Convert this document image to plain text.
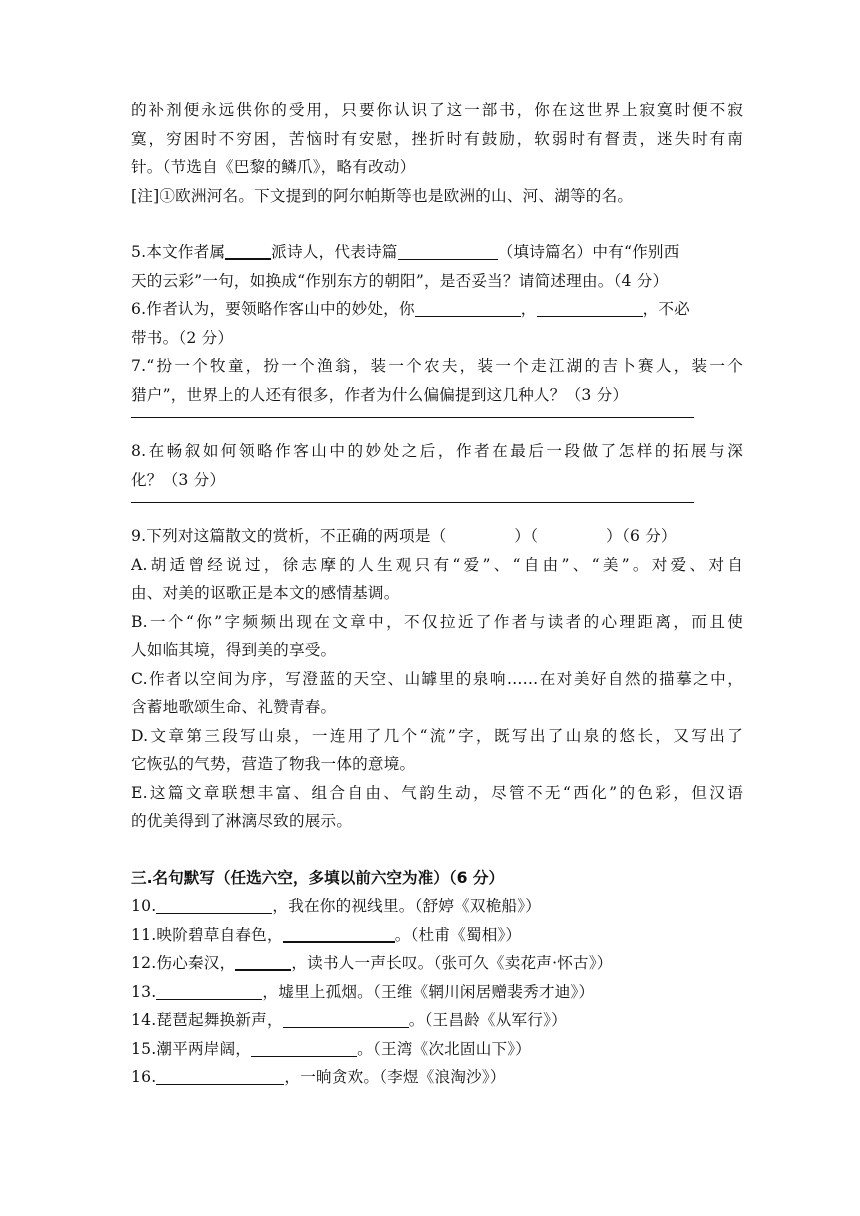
的补剂便永远供你的受用，只要你认识了这一部书，你在这世界上寂寞时便不寂
寞，穷困时不穷困，苦恼时有安慰，挫折时有鼓励，软弱时有督责，迷失时有南
针。（节选自《巴黎的鳞爪》，略有改动）
[注]①欧洲河名。下文提到的阿尔帕斯等也是欧洲的山、河、湖等的名。
5.本文作者属	派诗人，代表诗篇	（填诗篇名）中有“作别西
天的云彩”一句，如换成“作别东方的朝阳”，是否妥当？请简述理由。（4 分）
6.作者认为，要领略作客山中的妙处，你	，	，不必
带书。（2 分）
7.“扮一个牧童，扮一个渔翁，装一个农夫，装一个走江湖的吉卜赛人，装一个
猎户”，世界上的人还有很多，作者为什么偏偏提到这几种人？（3 分）
8.在畅叙如何领略作客山中的妙处之后，作者在最后一段做了怎样的拓展与深
化？（3 分）
9.下列对这篇散文的赏析，不正确的两项是（	）（	）（6 分）
A.胡适曾经说过，徐志摩的人生观只有“爱”、“自由”、“美”。对爱、对自
由、对美的讴歌正是本文的感情基调。
B.一个“你”字频频出现在文章中，不仅拉近了作者与读者的心理距离，而且使
人如临其境，得到美的享受。
C.作者以空间为序，写澄蓝的天空、山罅里的泉响……在对美好自然的描摹之中，
含蓄地歌颂生命、礼赞青春。
D.文章第三段写山泉，一连用了几个“流”字，既写出了山泉的悠长，又写出了
它恢弘的气势，营造了物我一体的意境。
E.这篇文章联想丰富、组合自由、气韵生动，尽管不无“西化”的色彩，但汉语
的优美得到了淋漓尽致的展示。
三.名句默写（任选六空，多填以前六空为准）（6 分）
10.	，我在你的视线里。（舒婷《双桅船》）
11.映阶碧草自春色，	。（杜甫《蜀相》）
12.伤心秦汉，	，读书人一声长叹。（张可久《卖花声·怀古》）
13.	，墟里上孤烟。（王维《辋川闲居赠裴秀才迪》）
14.琵琶起舞换新声，	。（王昌龄《从军行》）
15.潮平两岸阔，	。（王湾《次北固山下》）
16.	，一晌贪欢。（李煜《浪淘沙》）
